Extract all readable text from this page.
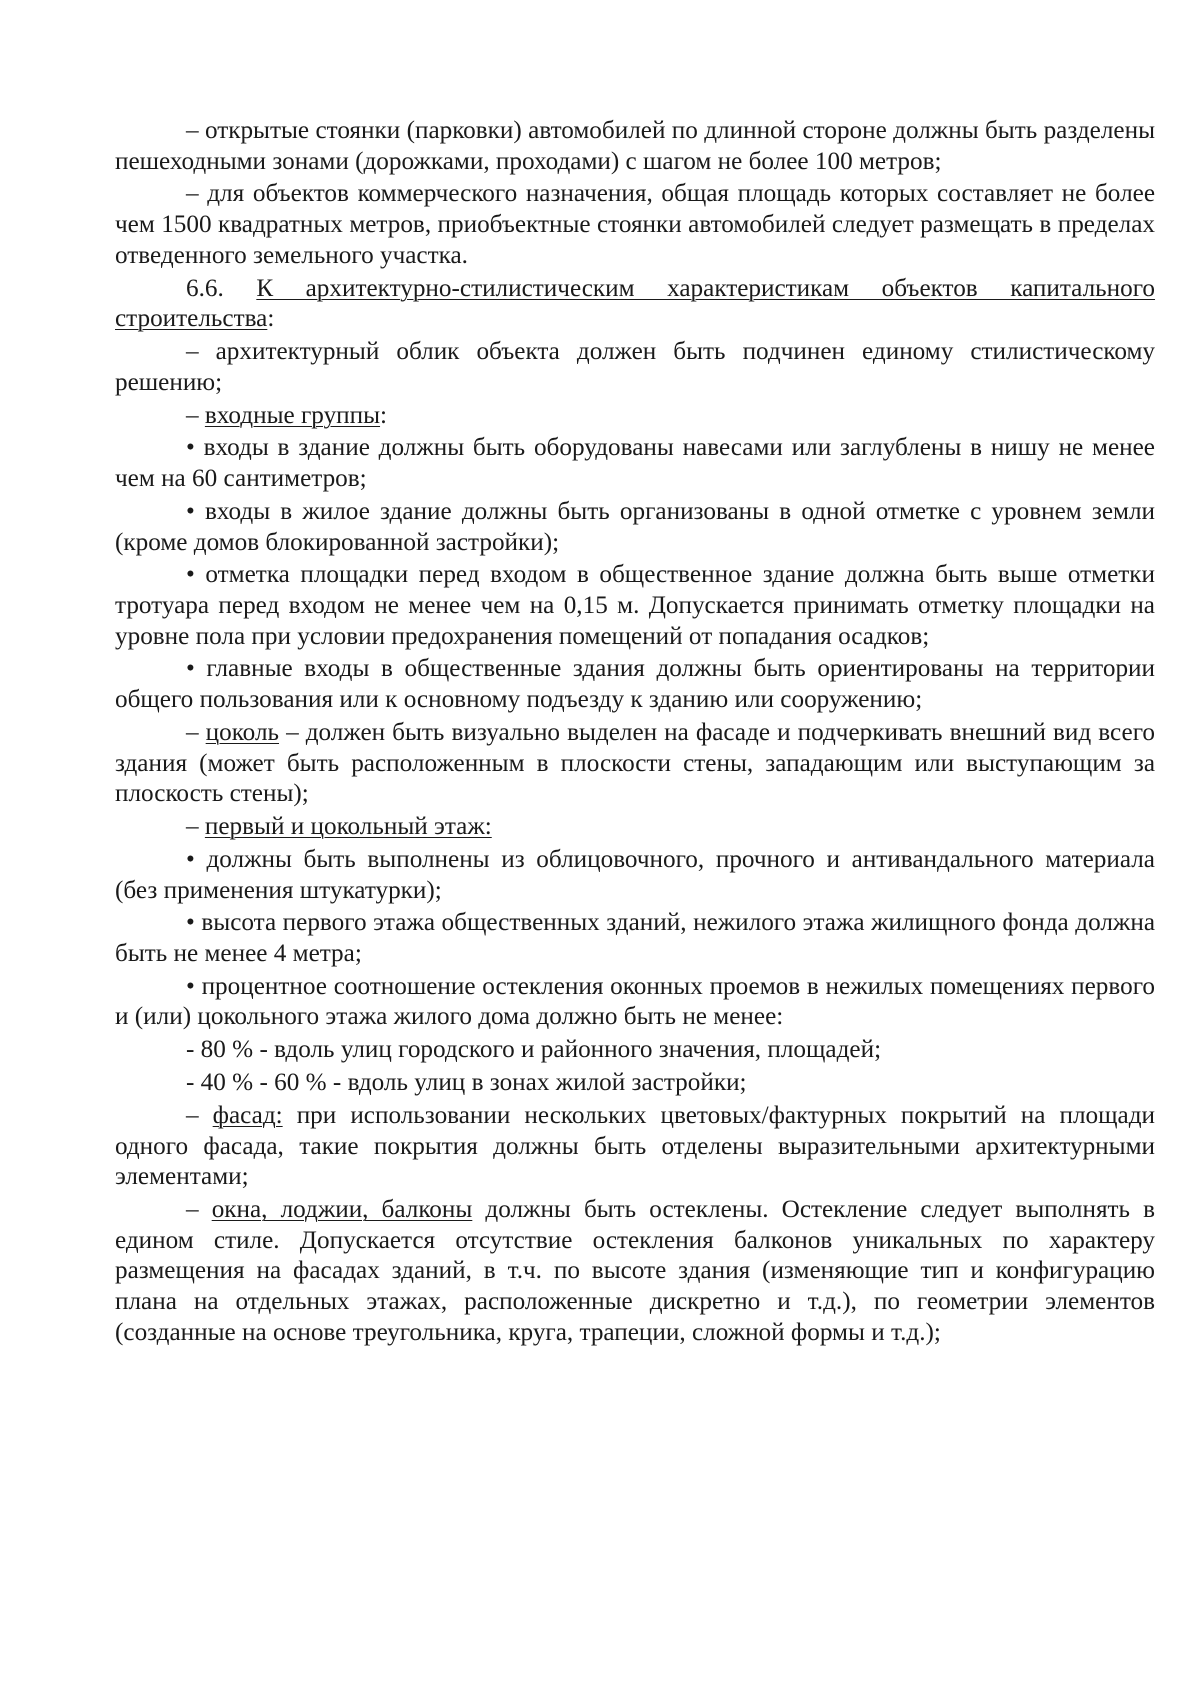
– открытые стоянки (парковки) автомобилей по длинной стороне должны быть разделены пешеходными зонами (дорожками, проходами) с шагом не более 100 метров;

– для объектов коммерческого назначения, общая площадь которых составляет не более чем 1500 квадратных метров, приобъектные стоянки автомобилей следует размещать в пределах отведенного земельного участка.

6.6. К архитектурно-стилистическим характеристикам объектов капитального строительства:

– архитектурный облик объекта должен быть подчинен единому стилистическому решению;

– входные группы:

• входы в здание должны быть оборудованы навесами или заглублены в нишу не менее чем на 60 сантиметров;

• входы в жилое здание должны быть организованы в одной отметке с уровнем земли (кроме домов блокированной застройки);

• отметка площадки перед входом в общественное здание должна быть выше отметки тротуара перед входом не менее чем на 0,15 м. Допускается принимать отметку площадки на уровне пола при условии предохранения помещений от попадания осадков;

• главные входы в общественные здания должны быть ориентированы на территории общего пользования или к основному подъезду к зданию или сооружению;

– цоколь – должен быть визуально выделен на фасаде и подчеркивать внешний вид всего здания (может быть расположенным в плоскости стены, западающим или выступающим за плоскость стены);

– первый и цокольный этаж:

• должны быть выполнены из облицовочного, прочного и антивандального материала (без применения штукатурки);

• высота первого этажа общественных зданий, нежилого этажа жилищного фонда должна быть не менее 4 метра;

• процентное соотношение остекления оконных проемов в нежилых помещениях первого и (или) цокольного этажа жилого дома должно быть не менее:

- 80 % - вдоль улиц городского и районного значения, площадей;

- 40 % - 60 % - вдоль улиц в зонах жилой застройки;

– фасад: при использовании нескольких цветовых/фактурных покрытий на площади одного фасада, такие покрытия должны быть отделены выразительными архитектурными элементами;

– окна, лоджии, балконы должны быть остеклены. Остекление следует выполнять в едином стиле. Допускается отсутствие остекления балконов уникальных по характеру размещения на фасадах зданий, в т.ч. по высоте здания (изменяющие тип и конфигурацию плана на отдельных этажах, расположенные дискретно и т.д.), по геометрии элементов (созданные на основе треугольника, круга, трапеции, сложной формы и т.д.);
